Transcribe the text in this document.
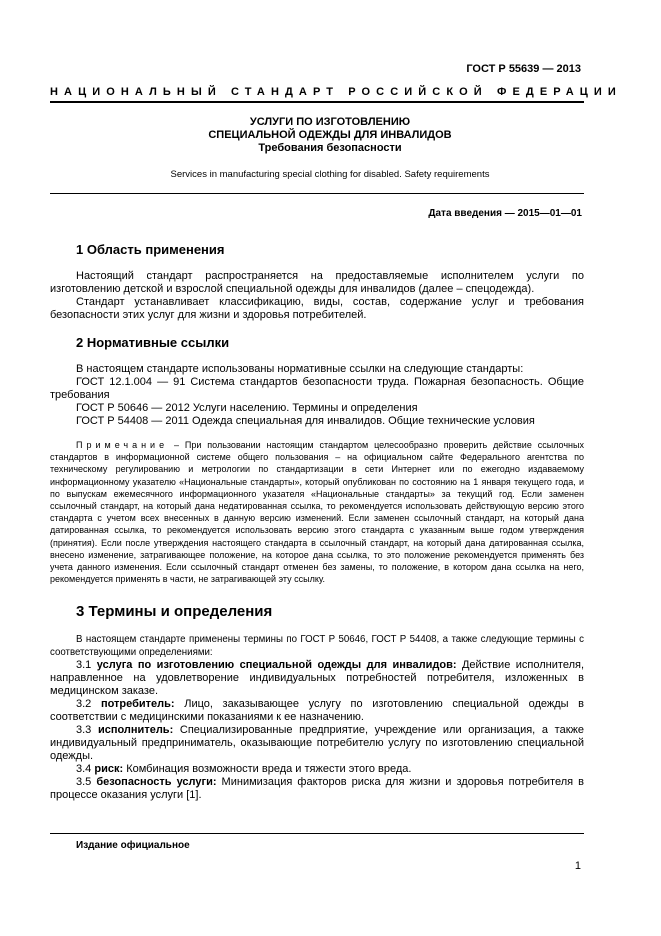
ГОСТ Р 55639 — 2013
НАЦИОНАЛЬНЫЙ СТАНДАРТ РОССИЙСКОЙ ФЕДЕРАЦИИ
УСЛУГИ ПО ИЗГОТОВЛЕНИЮ
СПЕЦИАЛЬНОЙ ОДЕЖДЫ ДЛЯ ИНВАЛИДОВ
Требования безопасности
Services in manufacturing special clothing for disabled. Safety requirements
Дата введения — 2015—01—01
1 Область применения

Настоящий стандарт распространяется на предоставляемые исполнителем услуги по изготовлению детской и взрослой специальной одежды для инвалидов (далее – спецодежда).

Стандарт устанавливает классификацию, виды, состав, содержание услуг и требования безопасности этих услуг для жизни и здоровья потребителей.

2 Нормативные ссылки

В настоящем стандарте использованы нормативные ссылки на следующие стандарты:

ГОСТ 12.1.004 — 91 Система стандартов безопасности труда. Пожарная безопасность. Общие требования

ГОСТ Р 50646 — 2012 Услуги населению. Термины и определения

ГОСТ Р 54408 — 2011 Одежда специальная для инвалидов. Общие технические условия

Примечание – При пользовании настоящим стандартом целесообразно проверить действие ссылочных стандартов в информационной системе общего пользования – на официальном сайте Федерального агентства по техническому регулированию и метрологии по стандартизации в сети Интернет или по ежегодно издаваемому информационному указателю «Национальные стандарты», который опубликован по состоянию на 1 января текущего года, и по выпускам ежемесячного информационного указателя «Национальные стандарты» за текущий год. Если заменен ссылочный стандарт, на который дана недатированная ссылка, то рекомендуется использовать действующую версию этого стандарта с учетом всех внесенных в данную версию изменений. Если заменен ссылочный стандарт, на который дана датированная ссылка, то рекомендуется использовать версию этого стандарта с указанным выше годом утверждения (принятия). Если после утверждения настоящего стандарта в ссылочный стандарт, на который дана датированная ссылка, внесено изменение, затрагивающее положение, на которое дана ссылка, то это положение рекомендуется применять без учета данного изменения. Если ссылочный стандарт отменен без замены, то положение, в котором дана ссылка на него, рекомендуется применять в части, не затрагивающей эту ссылку.
3 Термины и определения

В настоящем стандарте применены термины по ГОСТ Р 50646, ГОСТ Р 54408, а также следующие термины с соответствующими определениями:

3.1 услуга по изготовлению специальной одежды для инвалидов: Действие исполнителя, направленное на удовлетворение индивидуальных потребностей потребителя, изложенных в медицинском заказе.

3.2 потребитель: Лицо, заказывающее услугу по изготовлению специальной одежды в соответствии с медицинскими показаниями к ее назначению.

3.3 исполнитель: Специализированные предприятие, учреждение или организация, а также индивидуальный предприниматель, оказывающие потребителю услугу по изготовлению специальной одежды.

3.4 риск: Комбинация возможности вреда и тяжести этого вреда.

3.5 безопасность услуги: Минимизация факторов риска для жизни и здоровья потребителя в процессе оказания услуги [1].

Издание официальное
1
